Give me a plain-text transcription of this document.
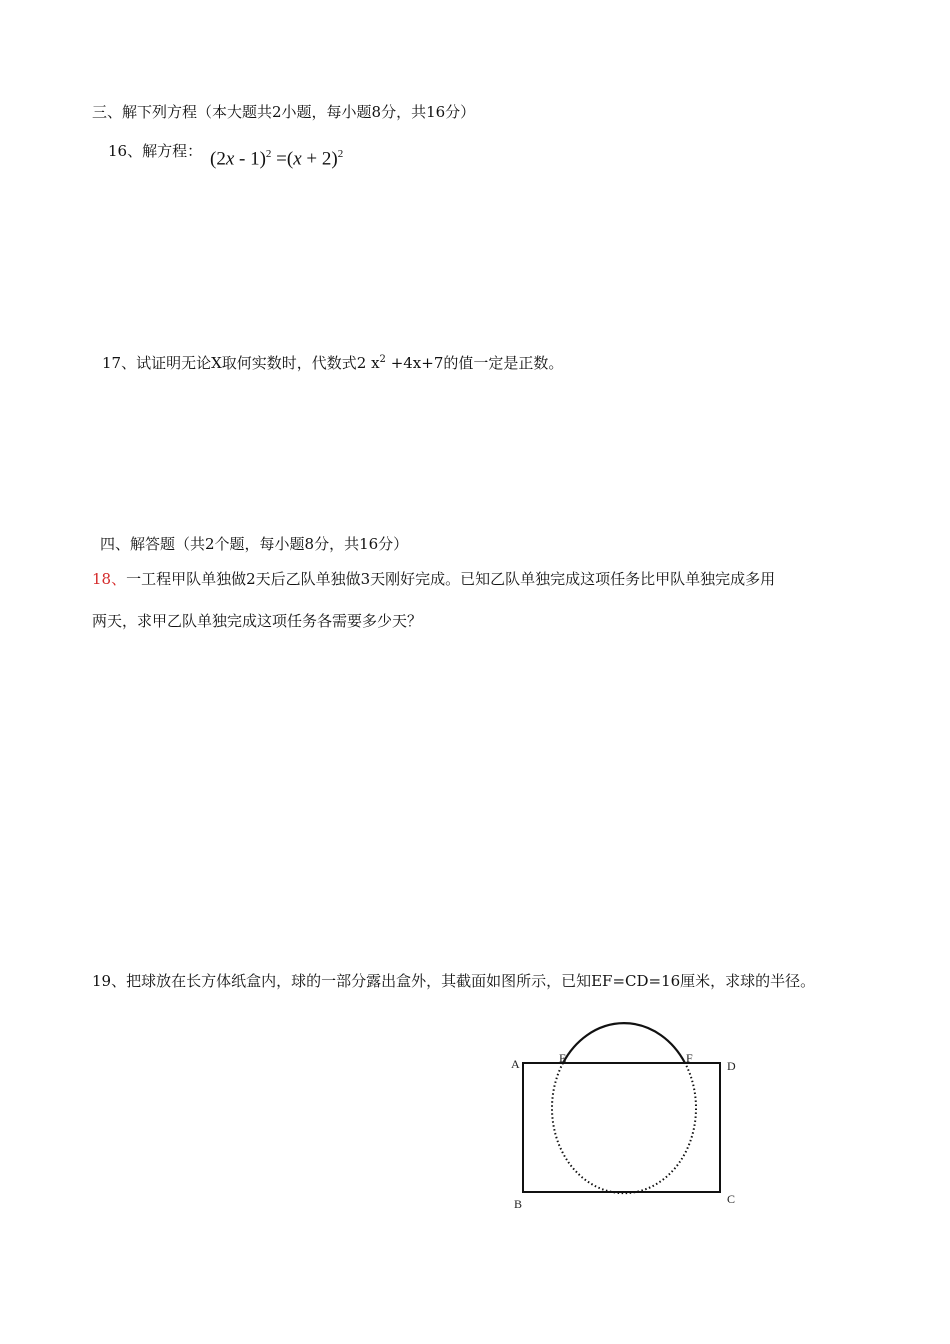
三、解下列方程（本大题共2小题，每小题8分，共16分）
16、解方程： $(2x - 1)^2 =(x + 2)^2$
17、试证明无论X取何实数时，代数式2 $x^2 +4x+7$的值一定是正数。
四、解答题（共2个题，每小题8分，共16分）
18、一工程甲队单独做2天后乙队单独做3天刚好完成。已知乙队单独完成这项任务比甲队单独完成多用
两天，求甲乙队单独完成这项任务各需要多少天？
19、把球放在长方体纸盒内，球的一部分露出盒外，其截面如图所示，已知EF=CD=16厘米，求球的半径。
A	E	F
D
B	C
